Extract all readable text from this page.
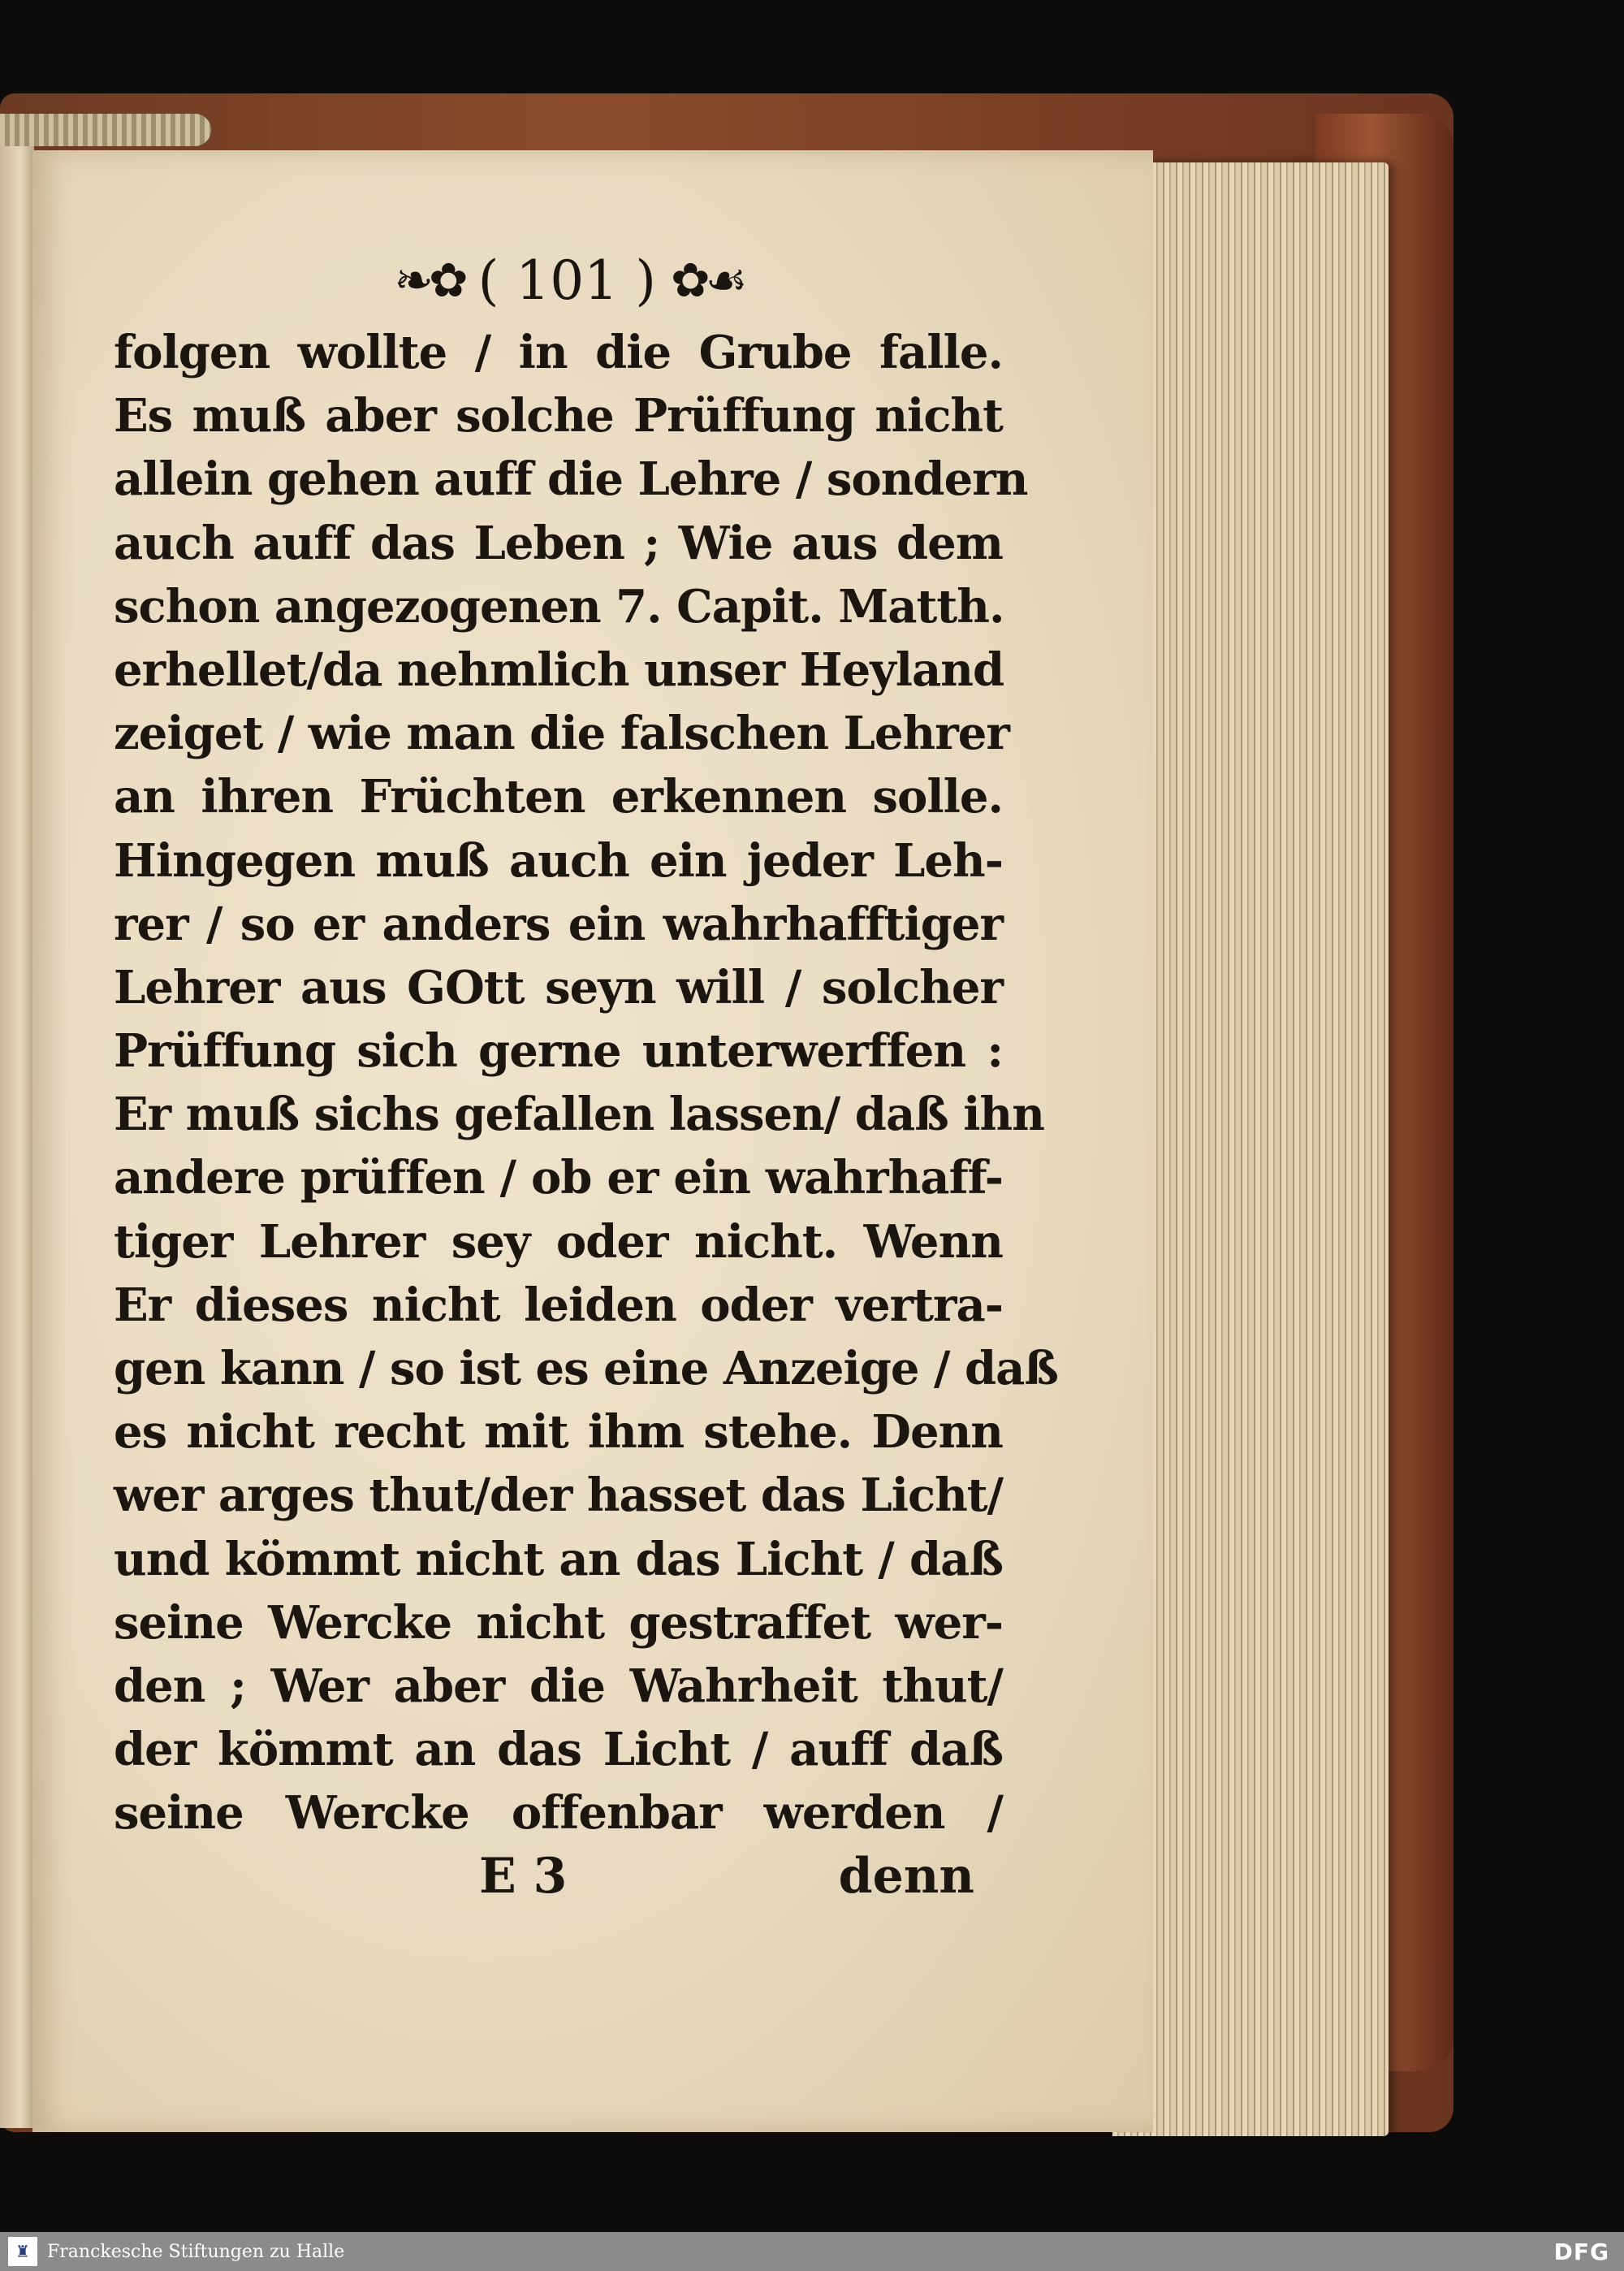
❧✿ ( 101 ) ✿☙
folgen wollte / in die Grube falle.
Es muß aber solche Prüffung nicht
allein gehen auff die Lehre / sondern
auch auff das Leben ; Wie aus dem
schon angezogenen 7. Capit. Matth.
erhellet/da nehmlich unser Heyland
zeiget / wie man die falschen Lehrer
an ihren Früchten erkennen solle.
Hingegen muß auch ein jeder Leh-
rer / so er anders ein wahrhafftiger
Lehrer aus GOtt seyn will / solcher
Prüffung sich gerne unterwerffen :
Er muß sichs gefallen lassen/ daß ihn
andere prüffen / ob er ein wahrhaff-
tiger Lehrer sey oder nicht. Wenn
Er dieses nicht leiden oder vertra-
gen kann / so ist es eine Anzeige / daß
es nicht recht mit ihm stehe. Denn
wer arges thut/der hasset das Licht/
und kömmt nicht an das Licht / daß
seine Wercke nicht gestraffet wer-
den ; Wer aber die Wahrheit thut/
der kömmt an das Licht / auff daß
seine Wercke offenbar werden /
E 3	denn
♜ Franckesche Stiftungen zu Halle	DFG
